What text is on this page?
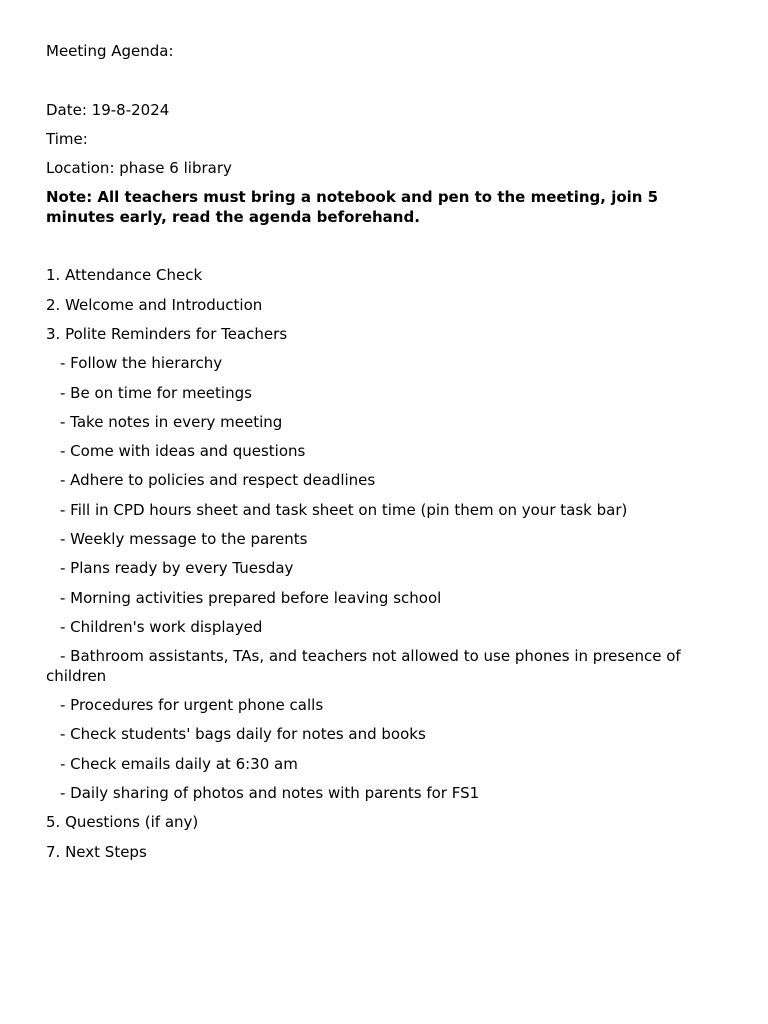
Meeting Agenda:
Date: 19-8-2024
Time:
Location: phase 6 library
Note: All teachers must bring a notebook and pen to the meeting, join 5 minutes early, read the agenda beforehand.
1. Attendance Check
2. Welcome and Introduction
3. Polite Reminders for Teachers
- Follow the hierarchy
- Be on time for meetings
- Take notes in every meeting
- Come with ideas and questions
- Adhere to policies and respect deadlines
- Fill in CPD hours sheet and task sheet on time (pin them on your task bar)
- Weekly message to the parents
- Plans ready by every Tuesday
- Morning activities prepared before leaving school
- Children's work displayed
- Bathroom assistants, TAs, and teachers not allowed to use phones in presence of children
- Procedures for urgent phone calls
- Check students' bags daily for notes and books
- Check emails daily at 6:30 am
- Daily sharing of photos and notes with parents for FS1
5. Questions (if any)
7. Next Steps
